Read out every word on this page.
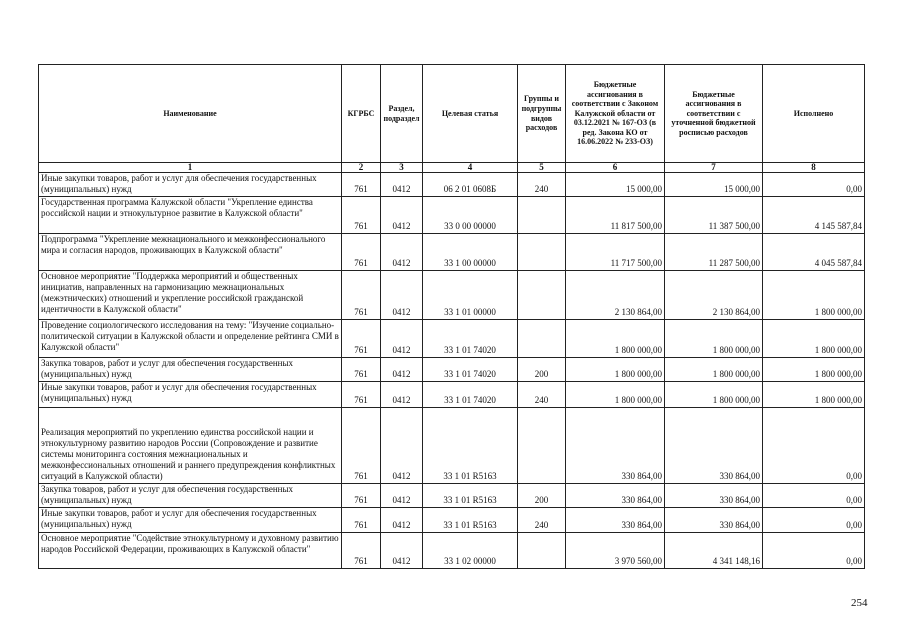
Наименование	КГРБС	Раздел, подраздел	Целевая статья	Группы и подгруппы видов расходов	Бюджетные ассигнования в соответствии с Законом Калужской области от 03.12.2021 № 167-ОЗ (в ред. Закона КО от 16.06.2022 № 233-ОЗ)	Бюджетные ассигнования в соответствии с уточненной бюджетной росписью расходов	Исполнено
1	2	3	4	5	6	7	8
Иные закупки товаров, работ и услуг для обеспечения государственных (муниципальных) нужд	761	0412	06 2 01 0608Б	240	15 000,00	15 000,00	0,00
Государственная программа Калужской области "Укрепление единства российской нации и этнокультурное развитие в Калужской области"	761	0412	33 0 00 00000		11 817 500,00	11 387 500,00	4 145 587,84
Подпрограмма "Укрепление межнационального и межконфессионального мира и согласия народов, проживающих в Калужской области"	761	0412	33 1 00 00000		11 717 500,00	11 287 500,00	4 045 587,84
Основное мероприятие "Поддержка мероприятий и общественных инициатив, направленных на гармонизацию межнациональных (межэтнических) отношений и укрепление российской гражданской идентичности в Калужской области"	761	0412	33 1 01 00000		2 130 864,00	2 130 864,00	1 800 000,00
Проведение социологического исследования на тему: "Изучение социально-политической ситуации в Калужской области и определение рейтинга СМИ в Калужской области"	761	0412	33 1 01 74020		1 800 000,00	1 800 000,00	1 800 000,00
Закупка товаров, работ и услуг для обеспечения государственных (муниципальных) нужд	761	0412	33 1 01 74020	200	1 800 000,00	1 800 000,00	1 800 000,00
Иные закупки товаров, работ и услуг для обеспечения государственных (муниципальных) нужд	761	0412	33 1 01 74020	240	1 800 000,00	1 800 000,00	1 800 000,00
Реализация мероприятий по укреплению единства российской нации и этнокультурному развитию народов России (Сопровождение и развитие системы мониторинга состояния межнациональных и межконфессиональных отношений и раннего предупреждения конфликтных ситуаций в Калужской области)	761	0412	33 1 01 R5163		330 864,00	330 864,00	0,00
Закупка товаров, работ и услуг для обеспечения государственных (муниципальных) нужд	761	0412	33 1 01 R5163	200	330 864,00	330 864,00	0,00
Иные закупки товаров, работ и услуг для обеспечения государственных (муниципальных) нужд	761	0412	33 1 01 R5163	240	330 864,00	330 864,00	0,00
Основное мероприятие "Содействие этнокультурному и духовному развитию народов Российской Федерации, проживающих в Калужской области"	761	0412	33 1 02 00000		3 970 560,00	4 341 148,16	0,00
254
